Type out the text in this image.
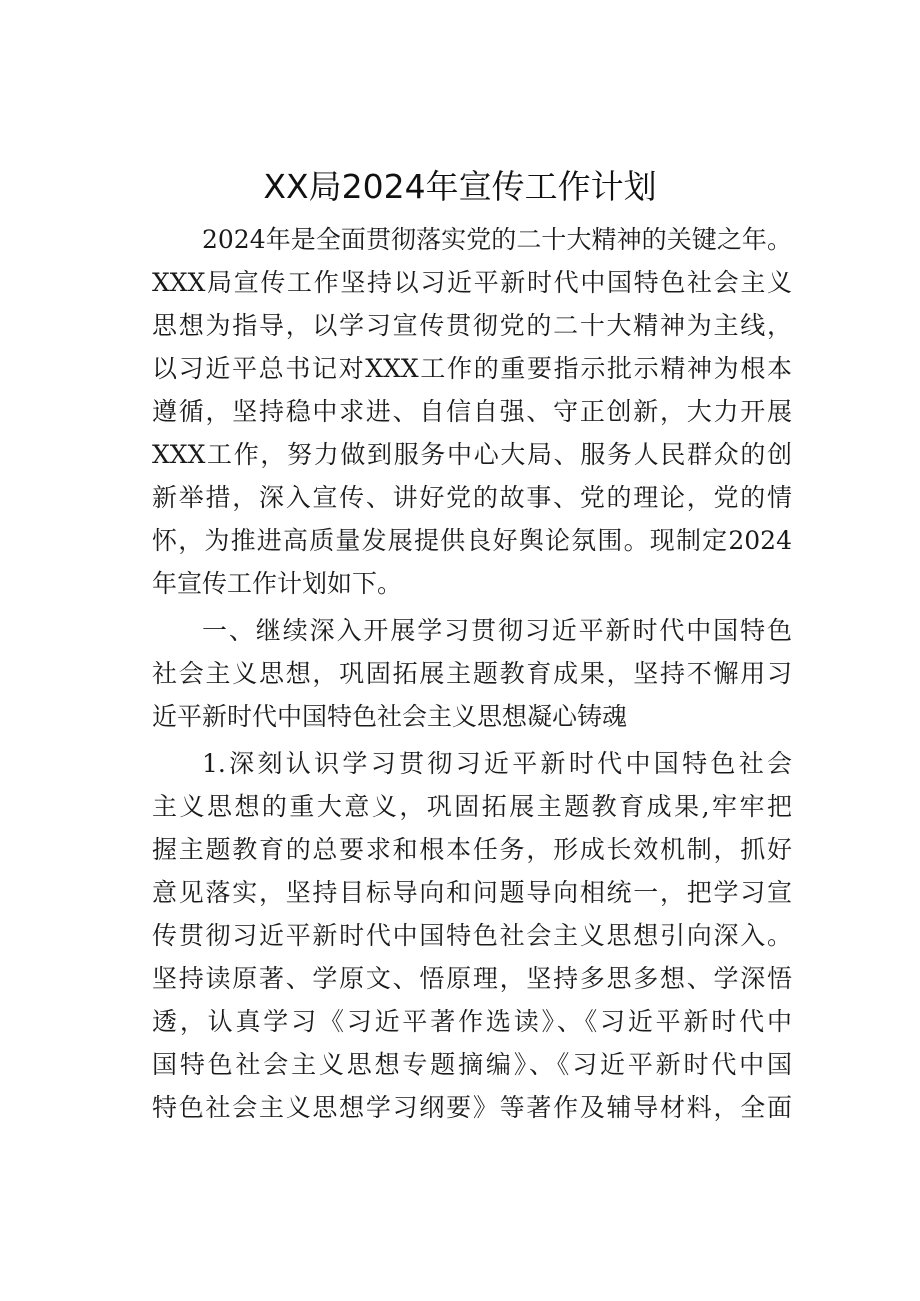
XX局2024年宣传工作计划
2024年是全面贯彻落实党的二十大精神的关键之年。
XXX局宣传工作坚持以习近平新时代中国特色社会主义
思想为指导，以学习宣传贯彻党的二十大精神为主线，
以习近平总书记对XXX工作的重要指示批示精神为根本
遵循，坚持稳中求进、自信自强、守正创新，大力开展
XXX工作，努力做到服务中心大局、服务人民群众的创
新举措，深入宣传、讲好党的故事、党的理论，党的情
怀，为推进高质量发展提供良好舆论氛围。现制定2024
年宣传工作计划如下。
一、继续深入开展学习贯彻习近平新时代中国特色
社会主义思想，巩固拓展主题教育成果，坚持不懈用习
近平新时代中国特色社会主义思想凝心铸魂
1.深刻认识学习贯彻习近平新时代中国特色社会
主义思想的重大意义，巩固拓展主题教育成果,牢牢把
握主题教育的总要求和根本任务，形成长效机制，抓好
意见落实，坚持目标导向和问题导向相统一，把学习宣
传贯彻习近平新时代中国特色社会主义思想引向深入。
坚持读原著、学原文、悟原理，坚持多思多想、学深悟
透，认真学习《习近平著作选读》、《习近平新时代中
国特色社会主义思想专题摘编》、《习近平新时代中国
特色社会主义思想学习纲要》等著作及辅导材料，全面
